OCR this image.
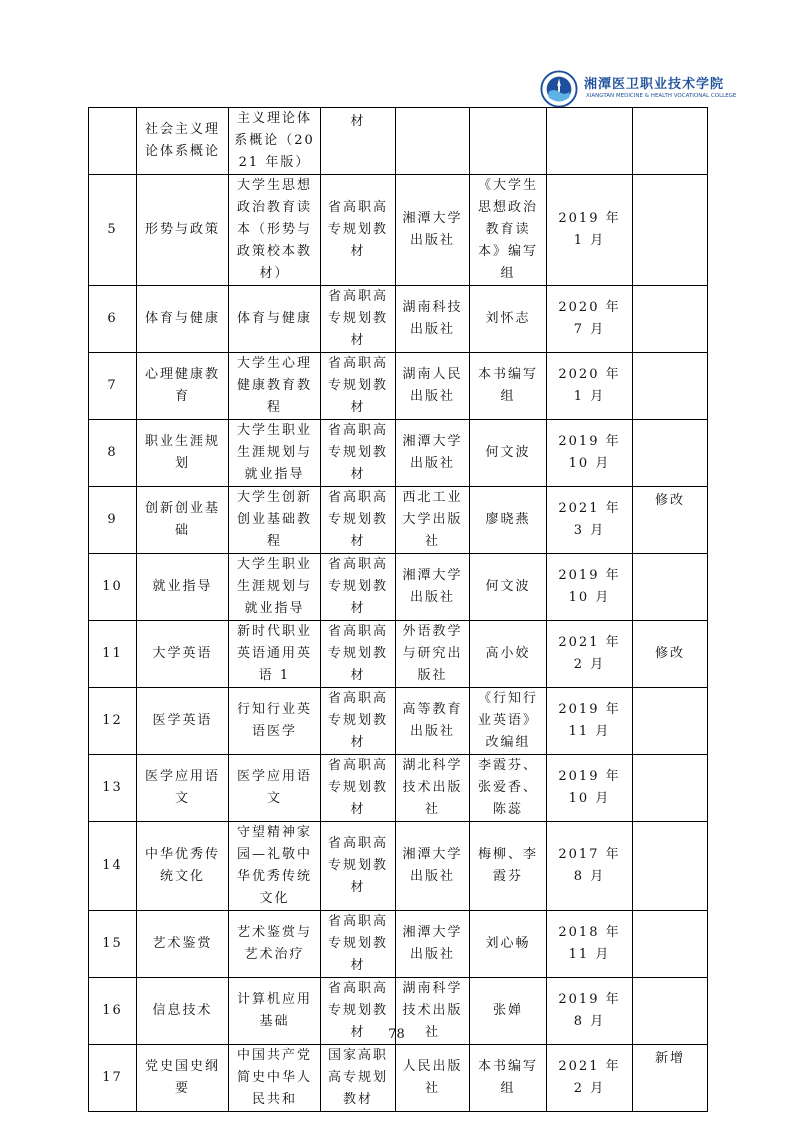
湘潭医卫职业技术学院
XIANGTAN MEDICINE & HEALTH VOCATIONAL COLLEGE
	社会主义理论体系概论	主义理论体系概论（2021 年版）	材				
5	形势与政策	大学生思想政治教育读本（形势与政策校本教材）	省高职高专规划教材	湘潭大学出版社	《大学生思想政治教育读本》编写组	2019 年 1 月	
6	体育与健康	体育与健康	省高职高专规划教材	湖南科技出版社	刘怀志	2020 年 7 月	
7	心理健康教育	大学生心理健康教育教程	省高职高专规划教材	湖南人民出版社	本书编写组	2020 年 1 月	
8	职业生涯规划	大学生职业生涯规划与就业指导	省高职高专规划教材	湘潭大学出版社	何文波	2019 年 10 月	
9	创新创业基础	大学生创新创业基础教程	省高职高专规划教材	西北工业大学出版社	廖晓燕	2021 年 3 月	修改
10	就业指导	大学生职业生涯规划与就业指导	省高职高专规划教材	湘潭大学出版社	何文波	2019 年 10 月	
11	大学英语	新时代职业英语通用英语 1	省高职高专规划教材	外语教学与研究出版社	高小姣	2021 年 2 月	修改
12	医学英语	行知行业英语医学	省高职高专规划教材	高等教育出版社	《行知行业英语》改编组	2019 年 11 月	
13	医学应用语文	医学应用语文	省高职高专规划教材	湖北科学技术出版社	李霞芬、张爱香、陈蕊	2019 年 10 月	
14	中华优秀传统文化	守望精神家园—礼敬中华优秀传统文化	省高职高专规划教材	湘潭大学出版社	梅柳、李霞芬	2017 年 8 月	
15	艺术鉴赏	艺术鉴赏与艺术治疗	省高职高专规划教材	湘潭大学出版社	刘心畅	2018 年 11 月	
16	信息技术	计算机应用基础	省高职高专规划教材	湖南科学技术出版社	张婵	2019 年 8 月	
17	党史国史纲要	中国共产党简史中华人民共和	国家高职高专规划教材	人民出版社	本书编写组	2021 年 2 月	新增
78
